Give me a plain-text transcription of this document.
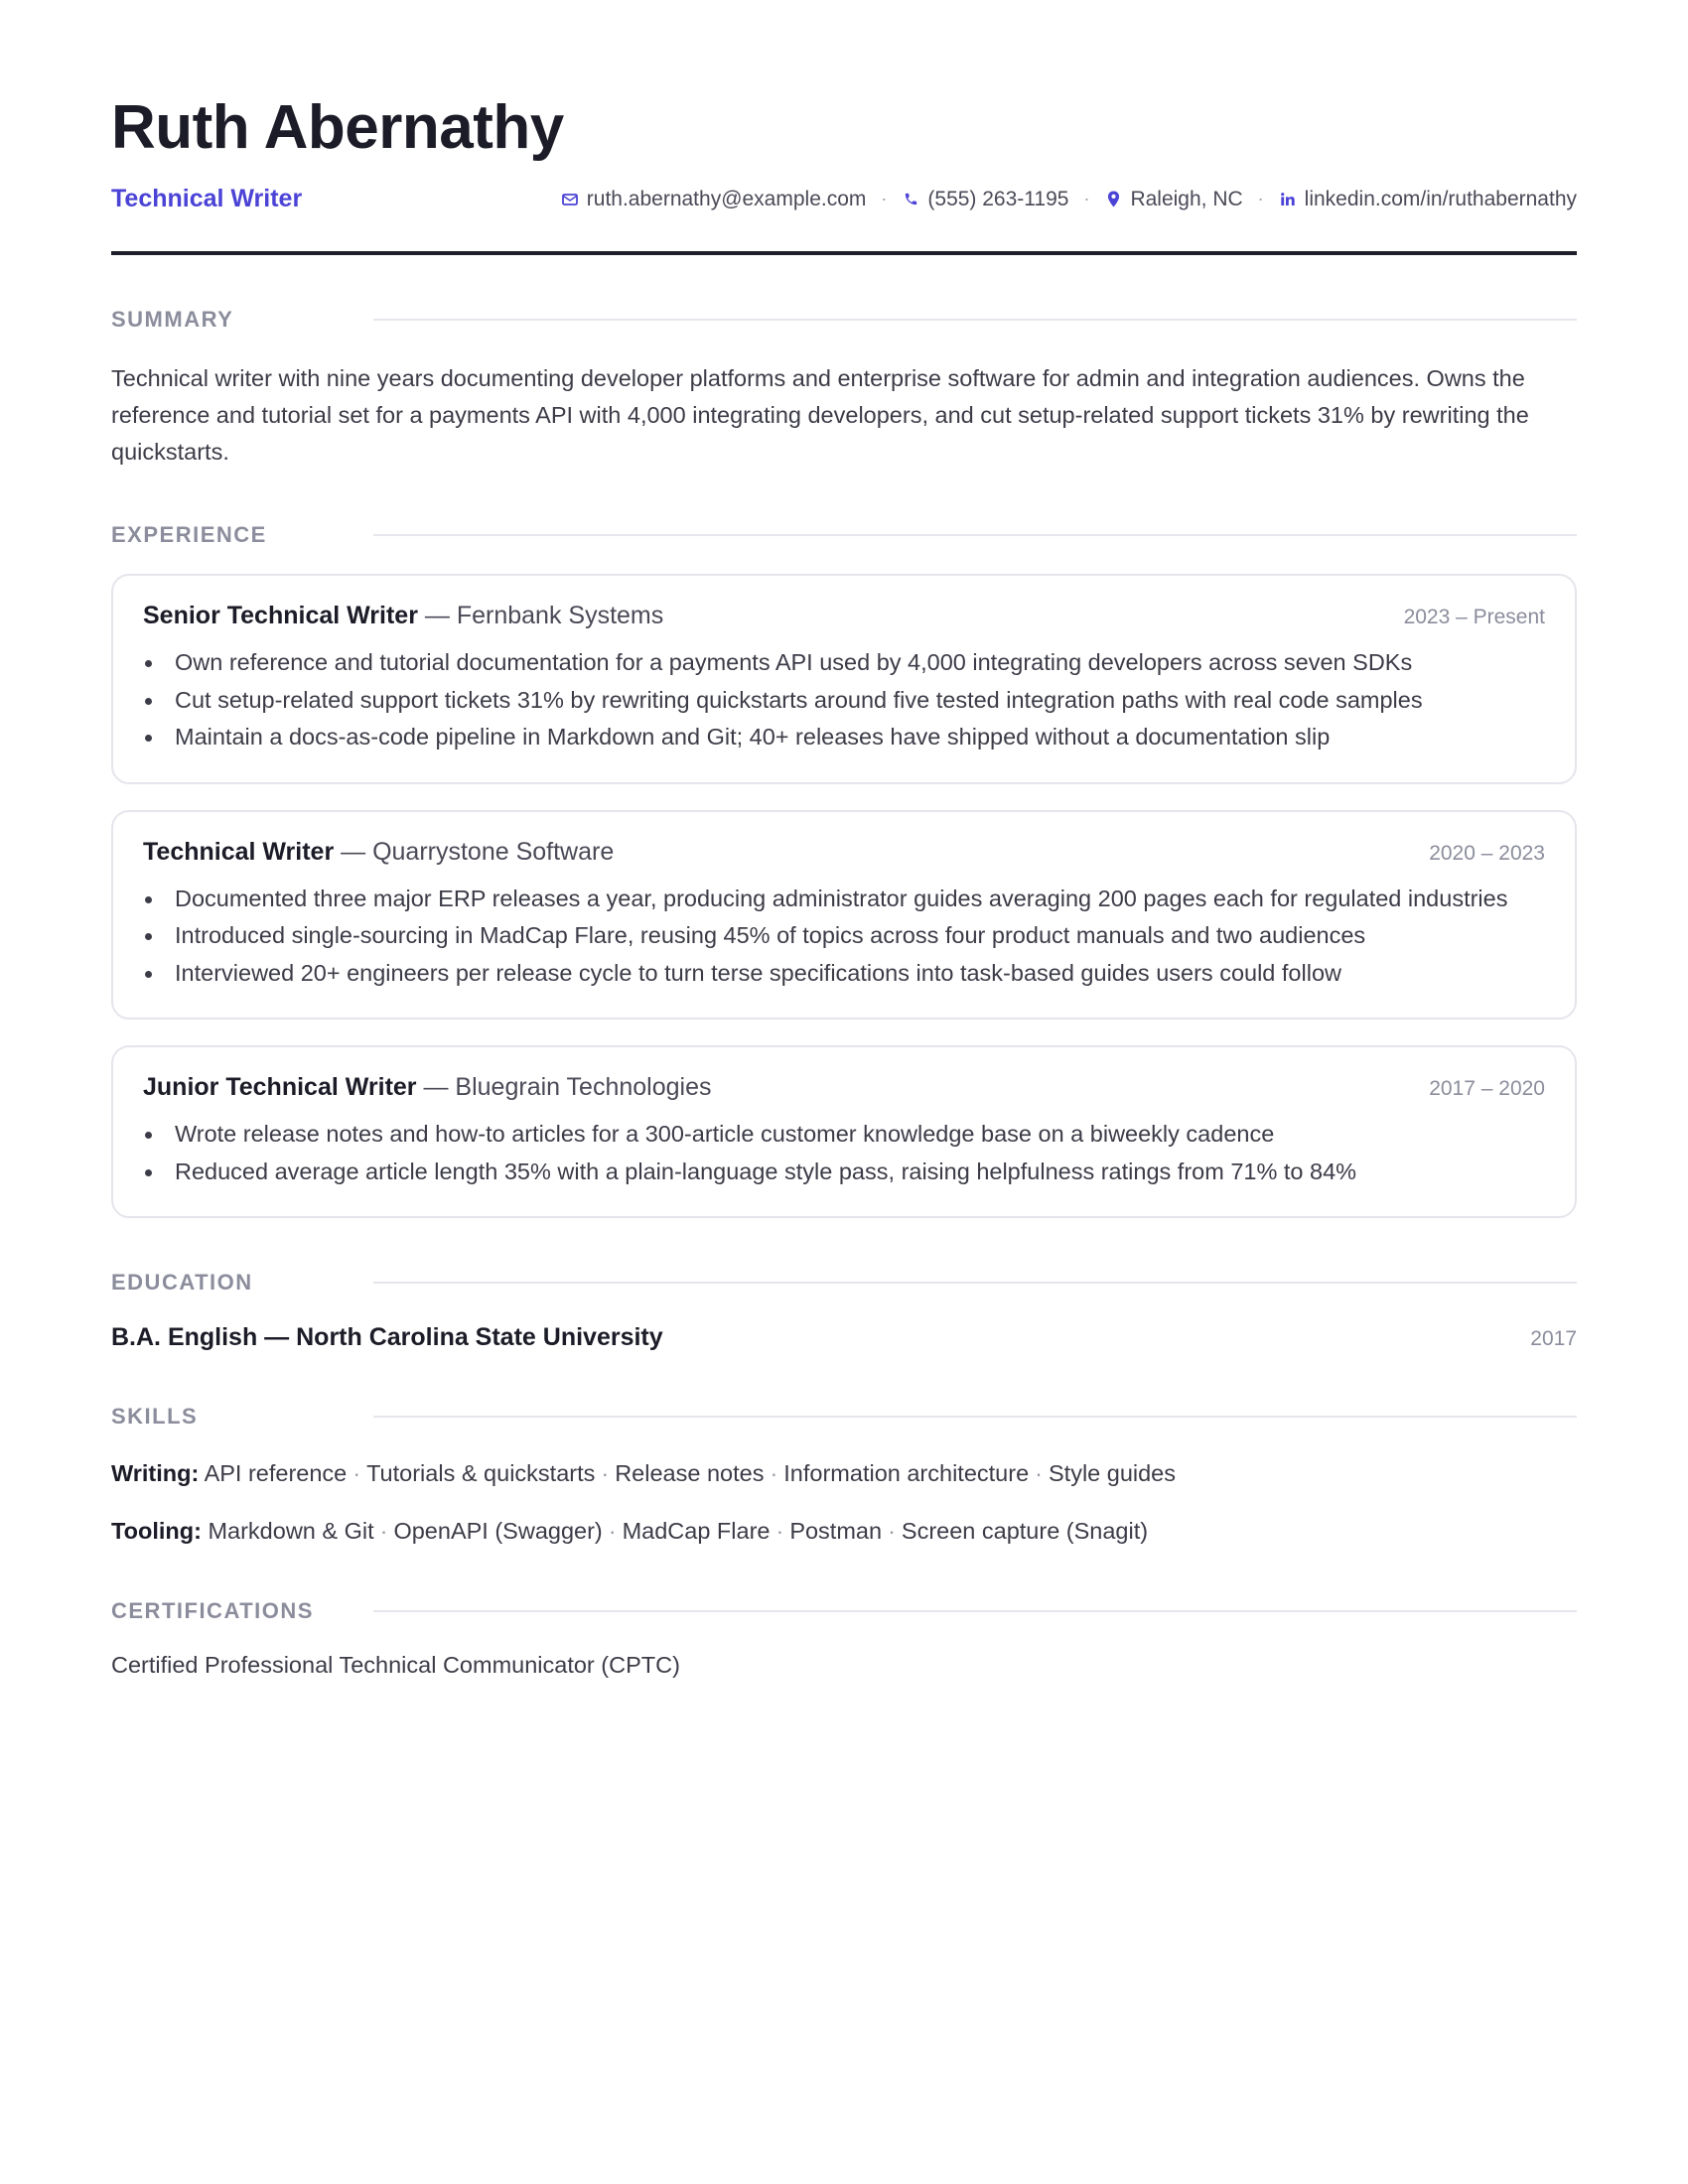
Ruth Abernathy
Technical Writer	ruth.abernathy@example.com · (555) 263-1195 · Raleigh, NC · linkedin.com/in/ruthabernathy
SUMMARY
Technical writer with nine years documenting developer platforms and enterprise software for admin and integration audiences. Owns the reference and tutorial set for a payments API with 4,000 integrating developers, and cut setup-related support tickets 31% by rewriting the quickstarts.
EXPERIENCE
Senior Technical Writer — Fernbank Systems	2023 – Present
Own reference and tutorial documentation for a payments API used by 4,000 integrating developers across seven SDKs
Cut setup-related support tickets 31% by rewriting quickstarts around five tested integration paths with real code samples
Maintain a docs-as-code pipeline in Markdown and Git; 40+ releases have shipped without a documentation slip
Technical Writer — Quarrystone Software	2020 – 2023
Documented three major ERP releases a year, producing administrator guides averaging 200 pages each for regulated industries
Introduced single-sourcing in MadCap Flare, reusing 45% of topics across four product manuals and two audiences
Interviewed 20+ engineers per release cycle to turn terse specifications into task-based guides users could follow
Junior Technical Writer — Bluegrain Technologies	2017 – 2020
Wrote release notes and how-to articles for a 300-article customer knowledge base on a biweekly cadence
Reduced average article length 35% with a plain-language style pass, raising helpfulness ratings from 71% to 84%
EDUCATION
B.A. English — North Carolina State University	2017
SKILLS
Writing: API reference · Tutorials & quickstarts · Release notes · Information architecture · Style guides
Tooling: Markdown & Git · OpenAPI (Swagger) · MadCap Flare · Postman · Screen capture (Snagit)
CERTIFICATIONS
Certified Professional Technical Communicator (CPTC)
